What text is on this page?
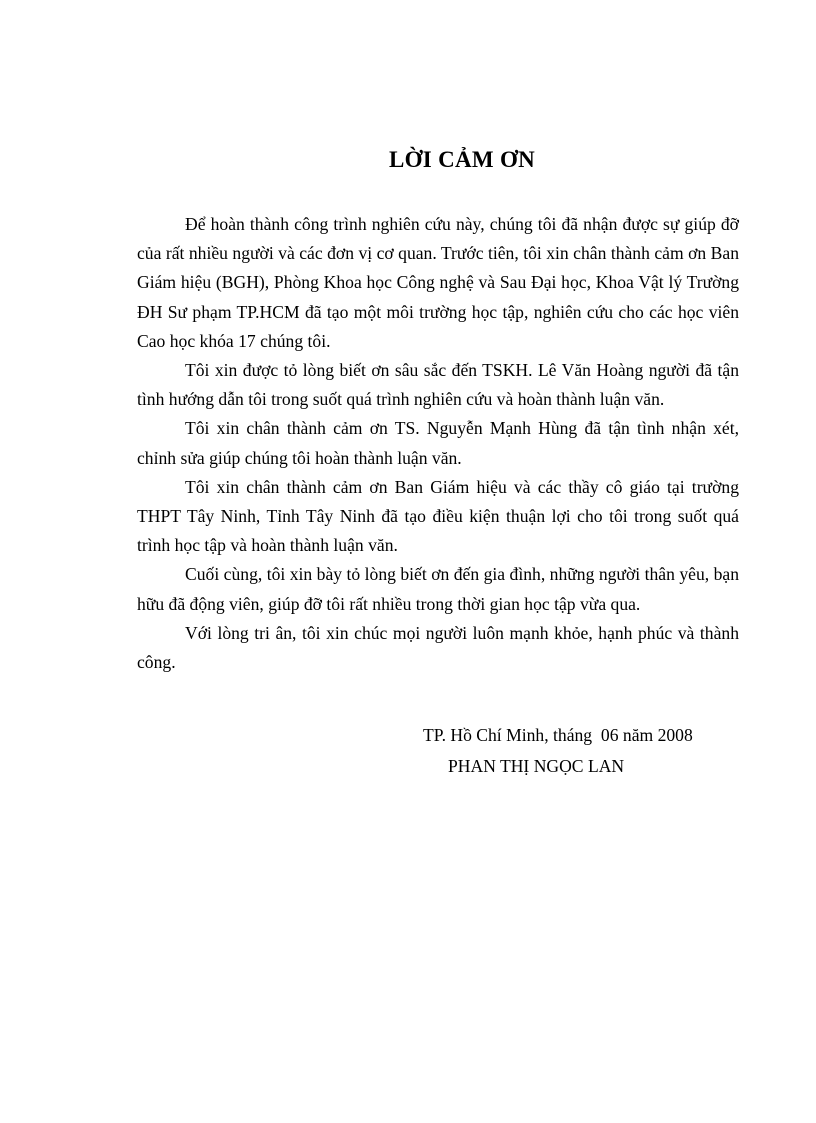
LỜI CẢM ƠN

Để hoàn thành công trình nghiên cứu này, chúng tôi đã nhận được sự giúp đỡ của rất nhiều người và các đơn vị cơ quan. Trước tiên, tôi xin chân thành cảm ơn Ban Giám hiệu (BGH), Phòng Khoa học Công nghệ và Sau Đại học, Khoa Vật lý Trường ĐH Sư phạm TP.HCM đã tạo một môi trường học tập, nghiên cứu cho các học viên Cao học khóa 17 chúng tôi.

Tôi xin được tỏ lòng biết ơn sâu sắc đến TSKH. Lê Văn Hoàng người đã tận tình hướng dẫn tôi trong suốt quá trình nghiên cứu và hoàn thành luận văn.

Tôi xin chân thành cảm ơn TS. Nguyễn Mạnh Hùng đã tận tình nhận xét, chỉnh sửa giúp chúng tôi hoàn thành luận văn.

Tôi xin chân thành cảm ơn Ban Giám hiệu và các thầy cô giáo tại trường THPT Tây Ninh, Tỉnh Tây Ninh đã tạo điều kiện thuận lợi cho tôi trong suốt quá trình học tập và hoàn thành luận văn.

Cuối cùng, tôi xin bày tỏ lòng biết ơn đến gia đình, những người thân yêu, bạn hữu đã động viên, giúp đỡ tôi rất nhiều trong thời gian học tập vừa qua.

Với lòng tri ân, tôi xin chúc mọi người luôn mạnh khỏe, hạnh phúc và thành công.

TP. Hồ Chí Minh, tháng  06 năm 2008
PHAN THỊ NGỌC LAN
